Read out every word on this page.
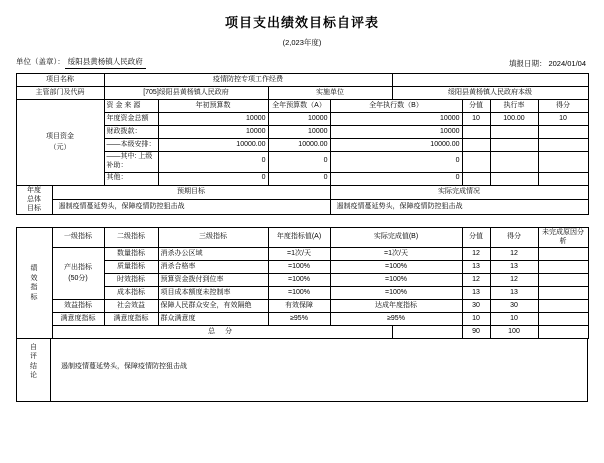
项目支出绩效目标自评表
(2,023年度)
单位（盖章）： 绥阳县黄杨镇人民政府	填报日期： 2024/01/04
项目名称		疫情防控专项工作经费							
主管部门及代码		[705]绥阳县黄杨镇人民政府		实施单位		绥阳县黄杨镇人民政府本级			

项目资金
（元）		资 金 来 源	年初预算数	全年预算数（A）	全年执行数（B）		分值	执行率	得分
		年度资金总额	10000	10000	10000		10	100.00	10
		财政拨款：	10000	10000	10000				
		——本级安排：	10000.00	10000.00	10000.00				
		——其中: 上级补助：	0	0	0				
		其他：	0	0	0				

年度
总体
目标	预期目标				实际完成情况				
	遏制疫情蔓延势头，保障疫情防控狙击战				遏制疫情蔓延势头，保障疫情防控狙击战				

绩
效
指
标	一级指标	二级指标	三级指标	年度指标值(A)	实际完成值(B)		分值	得分	未完成原因分析

	产出指标
(50分)	数量指标	消杀办公区域	=1次/天	=1次/天		12	12	
		质量指标	消杀合格率	=100%	=100%		13	13	
		时效指标	预算资金拨付到位率	=100%	=100%		12	12	
		成本指标	项目成本额度未控制率	=100%	=100%		13	13	
	效益指标	社会效益	保障人民群众安全，有效隔绝	有效保障	达成年度指标		30	30	
	满意度指标	满意度指标	群众满意度	≥95%	≥95%		10	10	
	总 分						90	100	
自
评
结
论
遏制疫情蔓延势头，保障疫情防控狙击战
